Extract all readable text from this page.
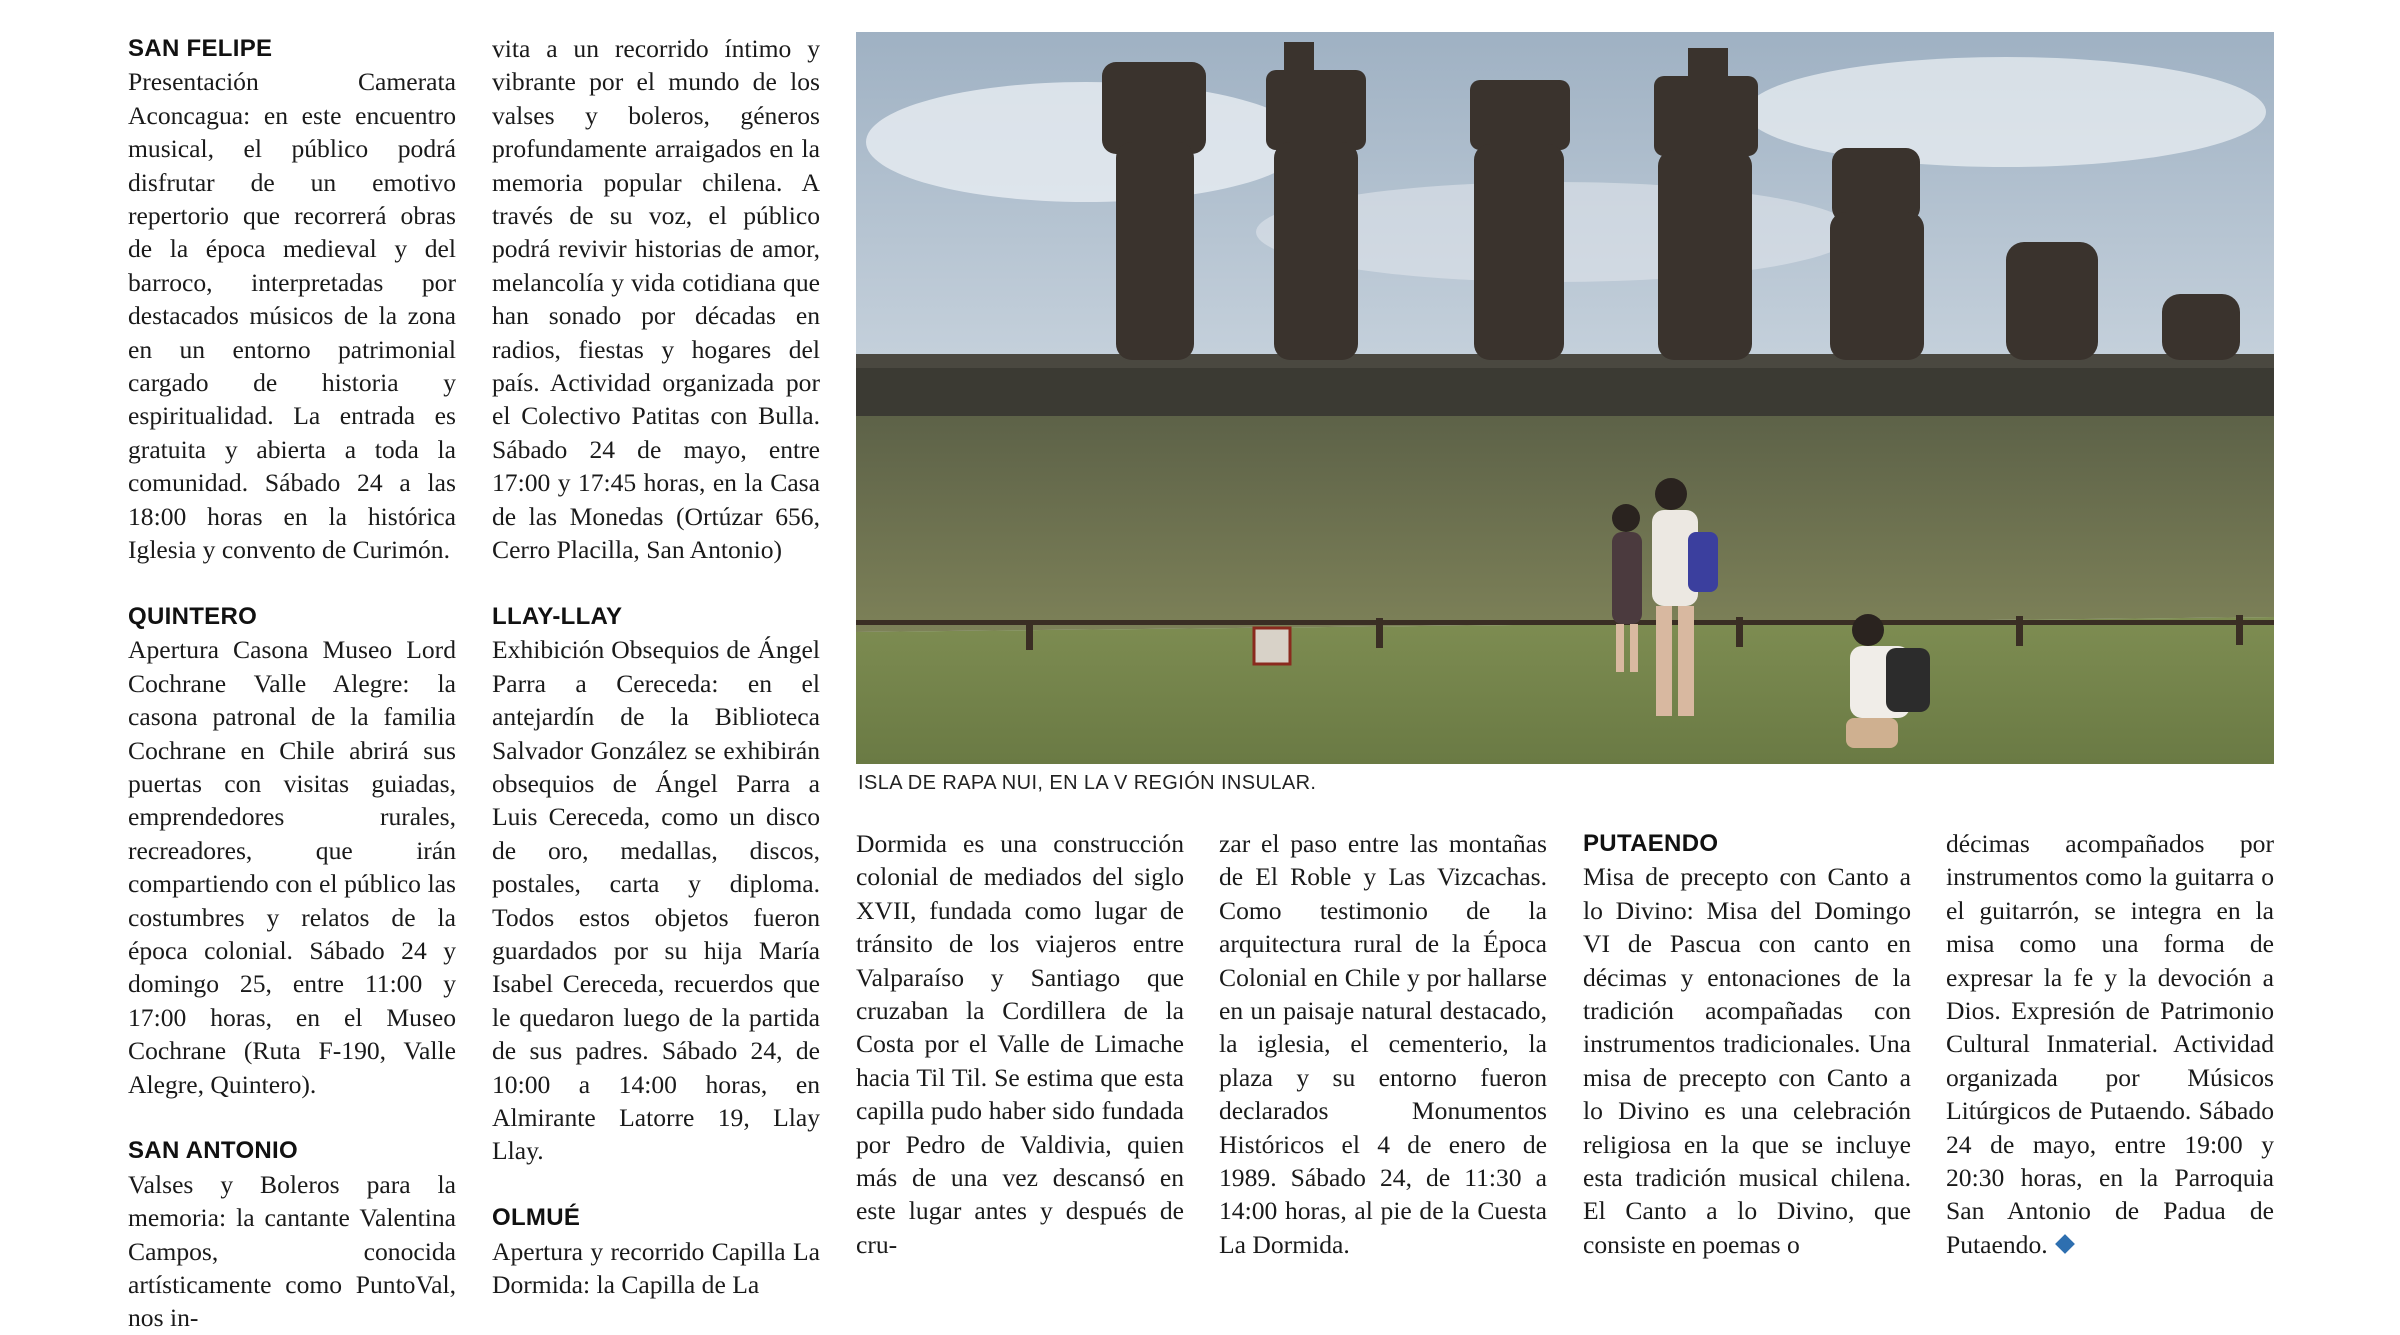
SAN FELIPE

Presentación Camerata Aconcagua: en este encuentro musical, el público podrá disfrutar de un emotivo repertorio que recorrerá obras de la época medieval y del barroco, interpretadas por destacados músicos de la zona en un entorno patrimonial cargado de historia y espiritualidad. La entrada es gratuita y abierta a toda la comunidad. Sábado 24 a las 18:00 horas en la histórica Iglesia y convento de Curimón.

QUINTERO

Apertura Casona Museo Lord Cochrane Valle Alegre: la casona patronal de la familia Cochrane en Chile abrirá sus puertas con visitas guiadas, emprendedores rurales, recreadores, que irán compartiendo con el público las costumbres y relatos de la época colonial. Sábado 24 y domingo 25, entre 11:00 y 17:00 horas, en el Museo Cochrane (Ruta F-190, Valle Alegre, Quintero).

SAN ANTONIO

Valses y Boleros para la memoria: la cantante Valentina Campos, conocida artísticamente como PuntoVal, nos in-

vita a un recorrido íntimo y vibrante por el mundo de los valses y boleros, géneros profundamente arraigados en la memoria popular chilena. A través de su voz, el público podrá revivir historias de amor, melancolía y vida cotidiana que han sonado por décadas en radios, fiestas y hogares del país. Actividad organizada por el Colectivo Patitas con Bulla. Sábado 24 de mayo, entre 17:00 y 17:45 horas, en la Casa de las Monedas (Ortúzar 656, Cerro Placilla, San Antonio)

LLAY-LLAY

Exhibición Obsequios de Ángel Parra a Cereceda: en el antejardín de la Biblioteca Salvador González se exhibirán obsequios de Ángel Parra a Luis Cereceda, como un disco de oro, medallas, discos, postales, carta y diploma. Todos estos objetos fueron guardados por su hija María Isabel Cereceda, recuerdos que le quedaron luego de la partida de sus padres. Sábado 24, de 10:00 a 14:00 horas, en Almirante Latorre 19, Llay Llay.

OLMUÉ

Apertura y recorrido Capilla La Dormida: la Capilla de La

ISLA DE RAPA NUI, EN LA V REGIÓN INSULAR.

Dormida es una construcción colonial de mediados del siglo XVII, fundada como lugar de tránsito de los viajeros entre Valparaíso y Santiago que cruzaban la Cordillera de la Costa por el Valle de Limache hacia Til Til. Se estima que esta capilla pudo haber sido fundada por Pedro de Valdivia, quien más de una vez descansó en este lugar antes y después de cru-

zar el paso entre las montañas de El Roble y Las Vizcachas. Como testimonio de la arquitectura rural de la Época Colonial en Chile y por hallarse en un paisaje natural destacado, la iglesia, el cementerio, la plaza y su entorno fueron declarados Monumentos Históricos el 4 de enero de 1989. Sábado 24, de 11:30 a 14:00 horas, al pie de la Cuesta La Dormida.

PUTAENDO

Misa de precepto con Canto a lo Divino: Misa del Domingo VI de Pascua con canto en décimas y entonaciones de la tradición acompañadas con instrumentos tradicionales. Una misa de precepto con Canto a lo Divino es una celebración religiosa en la que se incluye esta tradición musical chilena. El Canto a lo Divino, que consiste en poemas o

décimas acompañados por instrumentos como la guitarra o el guitarrón, se integra en la misa como una forma de expresar la fe y la devoción a Dios. Expresión de Patrimonio Cultural Inmaterial. Actividad organizada por Músicos Litúrgicos de Putaendo. Sábado 24 de mayo, entre 19:00 y 20:30 horas, en la Parroquia San Antonio de Padua de Putaendo.
